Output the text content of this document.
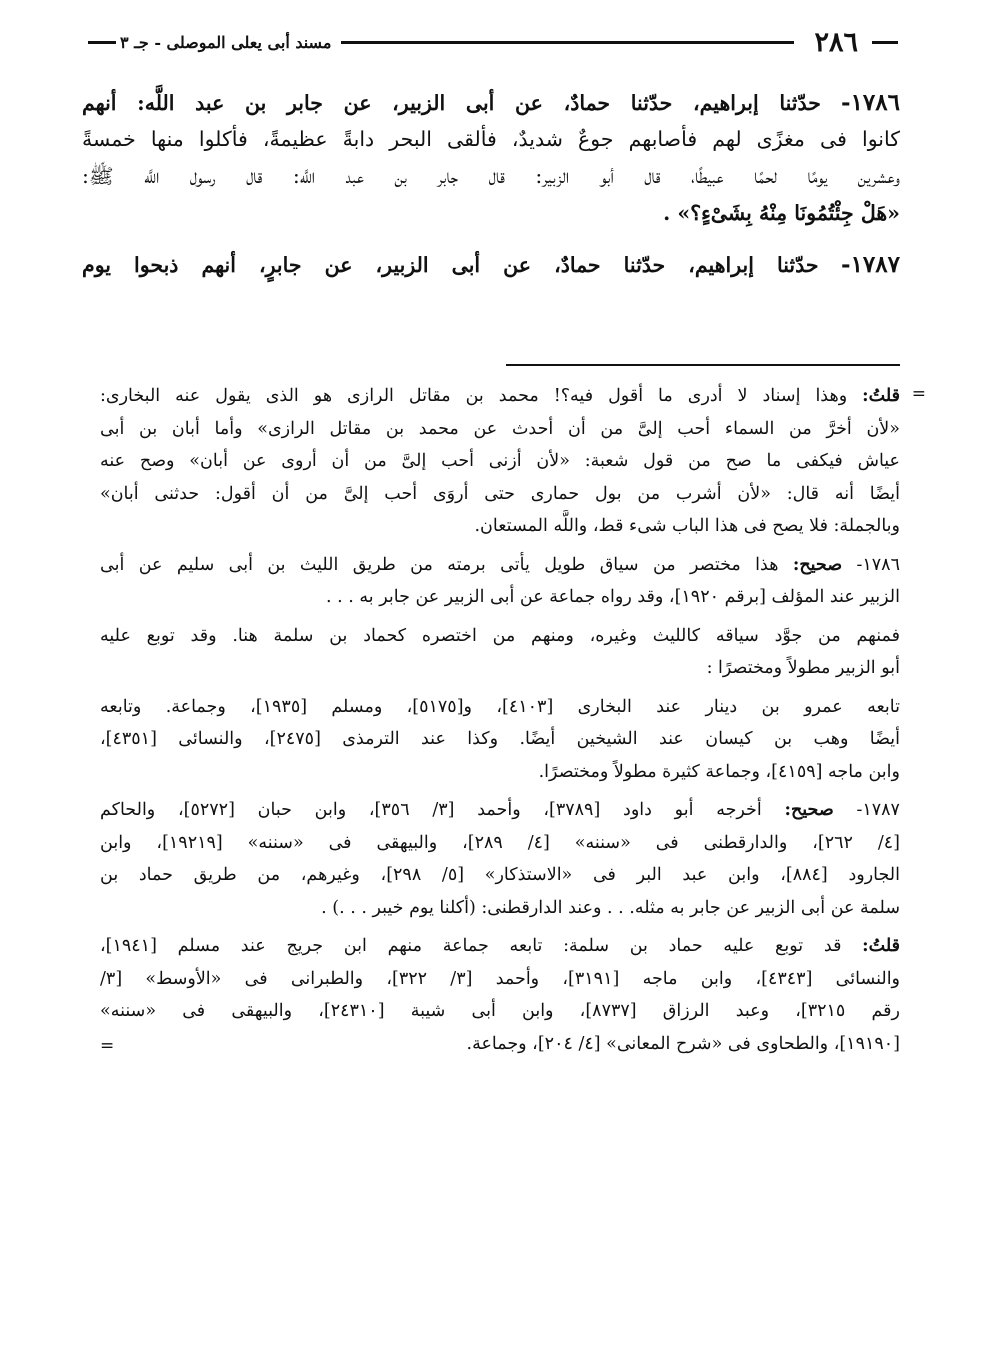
٢٨٦
مسند أبى يعلى الموصلى - جـ ٣
١٧٨٦- حدّثنا إبراهيم، حدّثنا حمادٌ، عن أبى الزبير، عن جابر بن عبد اللَّه: أنهم
كانوا فى مغزًى لهم فأصابهم جوعٌ شديدٌ، فألقى البحر دابةً عظيمةً، فأكلوا منها خمسةً
وعشرين يومًا لحمًا عبيطًا، قال أبو الزبير: قال جابر بن عبد اللَّه: قال رسول اللَّه ﷺ:
«هَلْ جِئْتُمُونَا مِنْهُ بِشَىْءٍ؟» .
١٧٨٧- حدّثنا إبراهيم، حدّثنا حمادٌ، عن أبى الزبير، عن جابرٍ، أنهم ذبحوا يوم
=
قلتُ: وهذا إسناد لا أدرى ما أقول فيه؟! محمد بن مقاتل الرازى هو الذى يقول عنه البخارى:
«لأن أخرَّ من السماء أحب إلىَّ من أن أحدث عن محمد بن مقاتل الرازى» وأما أبان بن أبى
عياش فيكفى ما صح من قول شعبة: «لأن أزنى أحب إلىَّ من أن أروى عن أبان» وصح عنه
أيضًا أنه قال: «لأن أشرب من بول حمارى حتى أروَى أحب إلىَّ من أن أقول: حدثنى أبان»
وبالجملة: فلا يصح فى هذا الباب شىء قط، واللَّه المستعان.
١٧٨٦- صحيح: هذا مختصر من سياق طويل يأتى برمته من طريق الليث بن أبى سليم عن أبى
الزبير عند المؤلف [برقم ١٩٢٠]، وقد رواه جماعة عن أبى الزبير عن جابر به . . .
فمنهم من جوَّد سياقه كالليث وغيره، ومنهم من اختصره كحماد بن سلمة هنا. وقد توبع عليه
أبو الزبير مطولاً ومختصرًا :
تابعه عمرو بن دينار عند البخارى [٤١٠٣]، و[٥١٧٥]، ومسلم [١٩٣٥]، وجماعة. وتابعه
أيضًا وهب بن كيسان عند الشيخين أيضًا. وكذا عند الترمذى [٢٤٧٥]، والنسائى [٤٣٥١]،
وابن ماجه [٤١٥٩]، وجماعة كثيرة مطولاً ومختصرًا.
١٧٨٧- صحيح: أخرجه أبو داود [٣٧٨٩]، وأحمد [٣/ ٣٥٦]، وابن حبان [٥٢٧٢]، والحاكم
[٤/ ٢٦٢]، والدارقطنى فى «سننه» [٤/ ٢٨٩]، والبيهقى فى «سننه» [١٩٢١٩]، وابن
الجارود [٨٨٤]، وابن عبد البر فى «الاستذكار» [٥/ ٢٩٨]، وغيرهم، من طريق حماد بن
سلمة عن أبى الزبير عن جابر به مثله. . . وعند الدارقطنى: (أكلنا يوم خيبر . . .) .
قلتُ: قد توبع عليه حماد بن سلمة: تابعه جماعة منهم ابن جريج عند مسلم [١٩٤١]،
والنسائى [٤٣٤٣]، وابن ماجه [٣١٩١]، وأحمد [٣/ ٣٢٢]، والطبرانى فى «الأوسط» [٣/
رقم ٣٢١٥]، وعبد الرزاق [٨٧٣٧]، وابن أبى شيبة [٢٤٣١٠]، والبيهقى فى «سننه»
[١٩١٩٠]، والطحاوى فى «شرح المعانى» [٤/ ٢٠٤]، وجماعة.
=
